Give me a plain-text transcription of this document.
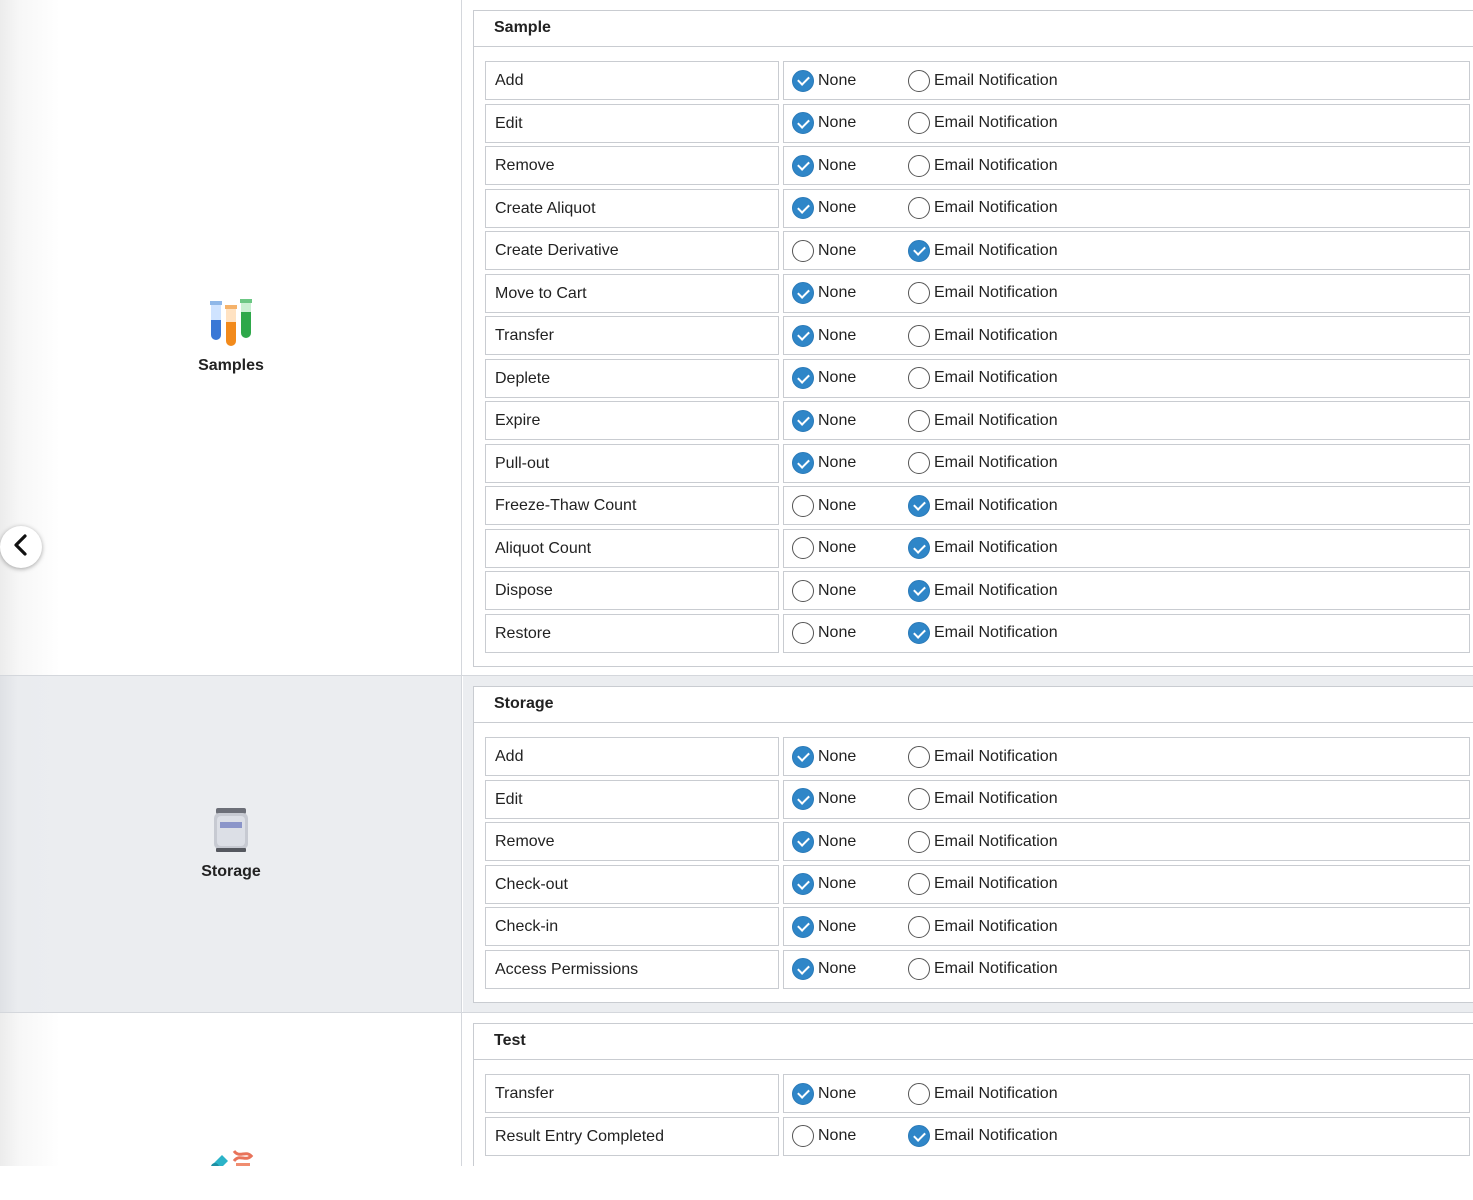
Samples
Sample
Add	None	Email Notification
Edit	None	Email Notification
Remove	None	Email Notification
Create Aliquot	None	Email Notification
Create Derivative	None	Email Notification
Move to Cart	None	Email Notification
Transfer	None	Email Notification
Deplete	None	Email Notification
Expire	None	Email Notification
Pull-out	None	Email Notification
Freeze-Thaw Count	None	Email Notification
Aliquot Count	None	Email Notification
Dispose	None	Email Notification
Restore	None	Email Notification
Storage
Storage
Add	None	Email Notification
Edit	None	Email Notification
Remove	None	Email Notification
Check-out	None	Email Notification
Check-in	None	Email Notification
Access Permissions	None	Email Notification
Test
Transfer	None	Email Notification
Result Entry Completed	None	Email Notification
